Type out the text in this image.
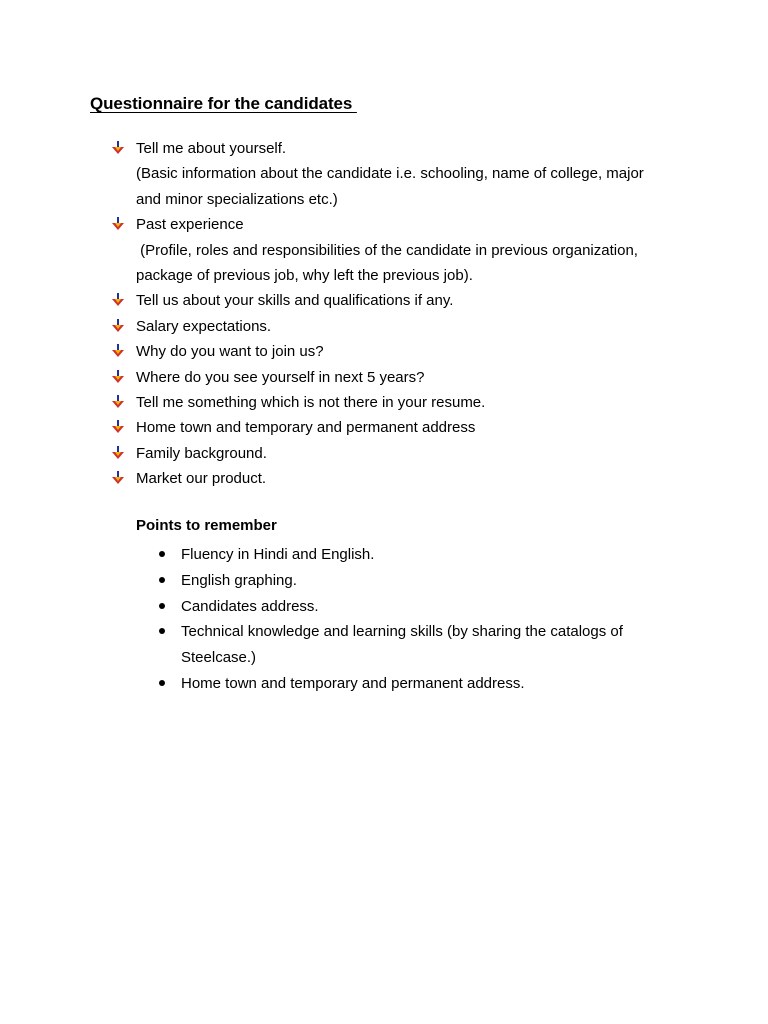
Questionnaire for the candidates
Tell me about yourself.
(Basic information about the candidate i.e. schooling, name of college, major and minor specializations etc.)
Past experience
(Profile, roles and responsibilities of the candidate in previous organization, package of previous job, why left the previous job).
Tell us about your skills and qualifications if any.
Salary expectations.
Why do you want to join us?
Where do you see yourself in next 5 years?
Tell me something which is not there in your resume.
Home town and temporary and permanent address
Family background.
Market our product.
Points to remember
Fluency in Hindi and English.
English graphing.
Candidates address.
Technical knowledge and learning skills (by sharing the catalogs of Steelcase.)
Home town and temporary and permanent address.
